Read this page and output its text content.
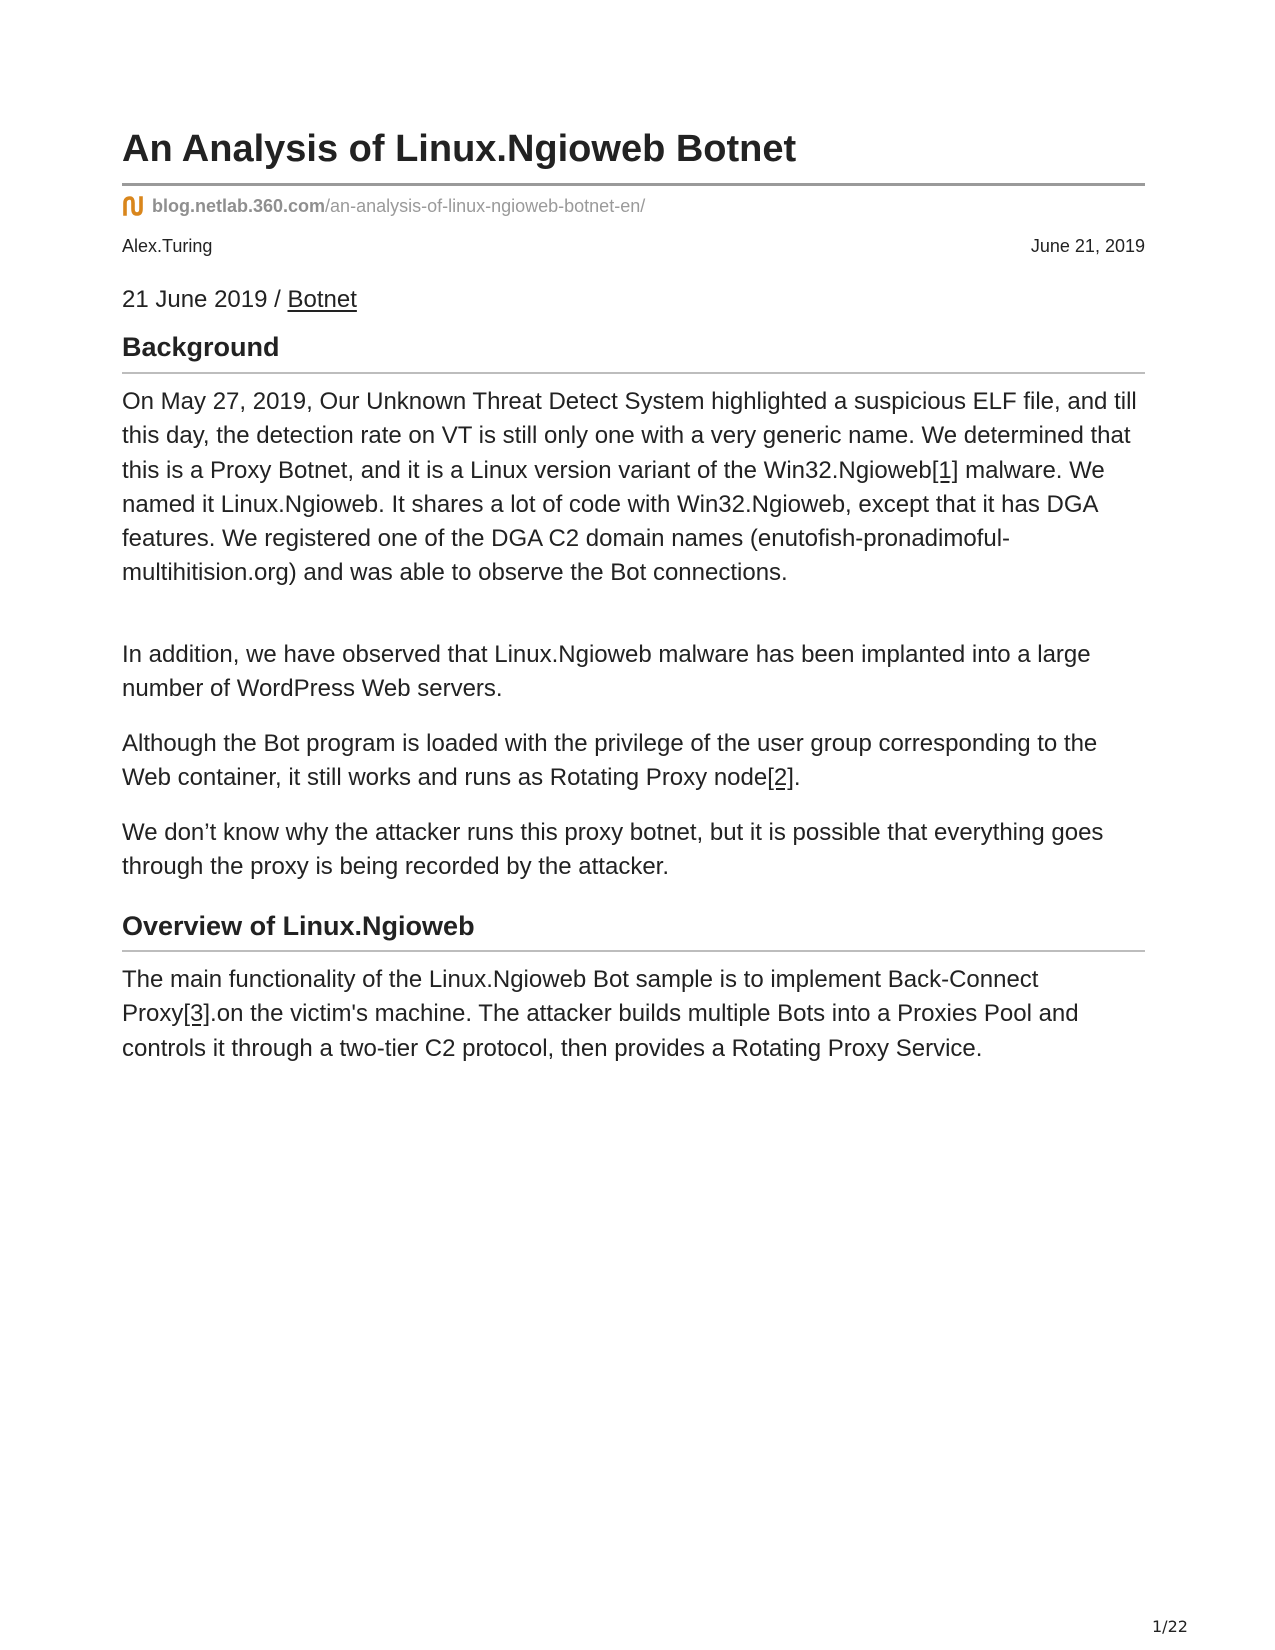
An Analysis of Linux.Ngioweb Botnet
blog.netlab.360.com /an-analysis-of-linux-ngioweb-botnet-en/
Alex.Turing	June 21, 2019
21 June 2019 / Botnet
Background

On May 27, 2019, Our Unknown Threat Detect System highlighted a suspicious ELF file, and till this day, the detection rate on VT is still only one with a very generic name. We determined that this is a Proxy Botnet, and it is a Linux version variant of the Win32.Ngioweb[1] malware. We named it Linux.Ngioweb. It shares a lot of code with Win32.Ngioweb, except that it has DGA features. We registered one of the DGA C2 domain names (enutofish-pronadimoful-multihitision.org) and was able to observe the Bot connections.

In addition, we have observed that Linux.Ngioweb malware has been implanted into a large number of WordPress Web servers.

Although the Bot program is loaded with the privilege of the user group corresponding to the Web container, it still works and runs as Rotating Proxy node[2].

We don’t know why the attacker runs this proxy botnet, but it is possible that everything goes through the proxy is being recorded by the attacker.

Overview of Linux.Ngioweb

The main functionality of the Linux.Ngioweb Bot sample is to implement Back-Connect Proxy[3].on the victim's machine. The attacker builds multiple Bots into a Proxies Pool and controls it through a two-tier C2 protocol, then provides a Rotating Proxy Service.

1/22
